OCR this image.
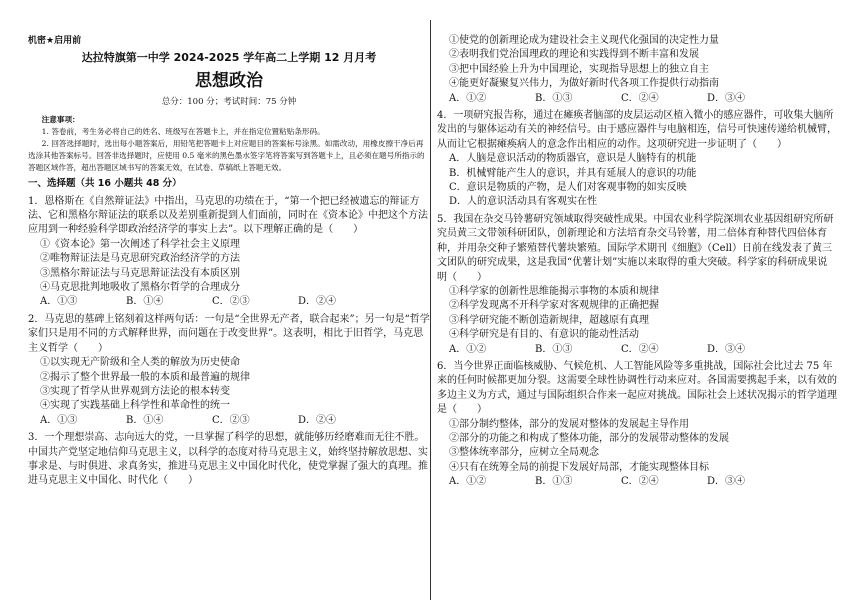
机密★启用前

达拉特旗第一中学 2024-2025 学年高二上学期 12 月月考

思想政治

总分：100 分；考试时间：75 分钟

注意事项：

1. 答卷前，考生务必将自己的姓名、班级写在答题卡上，并在指定位置粘贴条形码。

2. 回答选择题时，选出每小题答案后，用铅笔把答题卡上对应题目的答案标号涂黑。如需改动，用橡皮擦干净后再选涂其他答案标号。回答非选择题时，应使用 0.5 毫米的黑色墨水签字笔将答案写到答题卡上，且必须在题号所指示的答题区域作答，超出答题区域书写的答案无效，在试卷、草稿纸上答题无效。

一、选择题（共 16 小题共 48 分）

1．恩格斯在《自然辩证法》中指出，马克思的功绩在于，“第一个把已经被遗忘的辩证方法、它和黑格尔辩证法的联系以及差别重新提到人们面前，同时在《资本论》中把这个方法应用到一种经验科学即政治经济学的事实上去”。以下理解正确的是（　　）

①《资本论》第一次阐述了科学社会主义原理

②唯物辩证法是马克思研究政治经济学的方法

③黑格尔辩证法与马克思辩证法没有本质区别

④马克思批判地吸收了黑格尔哲学的合理成分

A．①③	B．①④	C．②③	D．②④

2．马克思的墓碑上铭刻着这样两句话：一句是“全世界无产者，联合起来”；另一句是“哲学家们只是用不同的方式解释世界，而问题在于改变世界”。这表明，相比于旧哲学，马克思主义哲学（　　）

①以实现无产阶级和全人类的解放为历史使命

②揭示了整个世界最一般的本质和最普遍的规律

③实现了哲学从世界观到方法论的根本转变

④实现了实践基础上科学性和革命性的统一

A．①③	B．①④	C．②③	D．②④

3．一个理想崇高、志向远大的党，一旦掌握了科学的思想，就能够历经磨难而无往不胜。中国共产党坚定地信仰马克思主义，以科学的态度对待马克思主义，始终坚持解放思想、实事求是、与时俱进、求真务实，推进马克思主义中国化时代化，使党掌握了强大的真理。推进马克思主义中国化、时代化（　　）

①使党的创新理论成为建设社会主义现代化强国的决定性力量

②表明我们党治国理政的理论和实践得到不断丰富和发展

③把中国经验上升为中国理论，实现指导思想上的独立自主

④能更好凝聚复兴伟力，为做好新时代各项工作提供行动指南

A．①②	B．①③	C．②④	D．③④

4．一项研究报告称，通过在瘫痪者脑部的皮层运动区植入微小的感应器件，可收集大脑所发出的与躯体运动有关的神经信号。由于感应器件与电脑相连，信号可快速传递给机械臂，从而让它根据瘫痪病人的意念作出相应的动作。这项研究进一步证明了（　　）

A．人脑是意识活动的物质器官，意识是人脑特有的机能

B．机械臂能产生人的意识，并具有延展人的意识的功能

C．意识是物质的产物，是人们对客观事物的如实反映

D．人的意识活动具有客观实在性

5．我国在杂交马铃薯研究领域取得突破性成果。中国农业科学院深圳农业基因组研究所研究员黄三文带领科研团队，创新理论和方法培育杂交马铃薯，用二倍体育种替代四倍体育种，并用杂交种子繁殖替代薯块繁殖。国际学术期刊《细胞》（Cell）日前在线发表了黄三文团队的研究成果，这是我国“优薯计划”实施以来取得的重大突破。科学家的科研成果说明（　　）

①科学家的创新性思维能揭示事物的本质和规律

②科学发现离不开科学家对客观规律的正确把握

③科学研究能不断创造新规律，超越原有真理

④科学研究是有目的、有意识的能动性活动

A．①②	B．①③	C．②④	D．③④

6．当今世界正面临核威胁、气候危机、人工智能风险等多重挑战，国际社会比过去 75 年来的任何时候都更加分裂。这需要全球性协调性行动来应对。各国需要携起手来，以有效的多边主义为方式，通过与国际组织合作来一起应对挑战。国际社会上述状况揭示的哲学道理是（　　）

①部分制约整体，部分的发展对整体的发展起主导作用

②部分的功能之和构成了整体功能，部分的发展带动整体的发展

③整体统率部分，应树立全局观念

④只有在统筹全局的前提下发展好局部，才能实现整体目标

A．①②	B．①③	C．②④	D．③④
